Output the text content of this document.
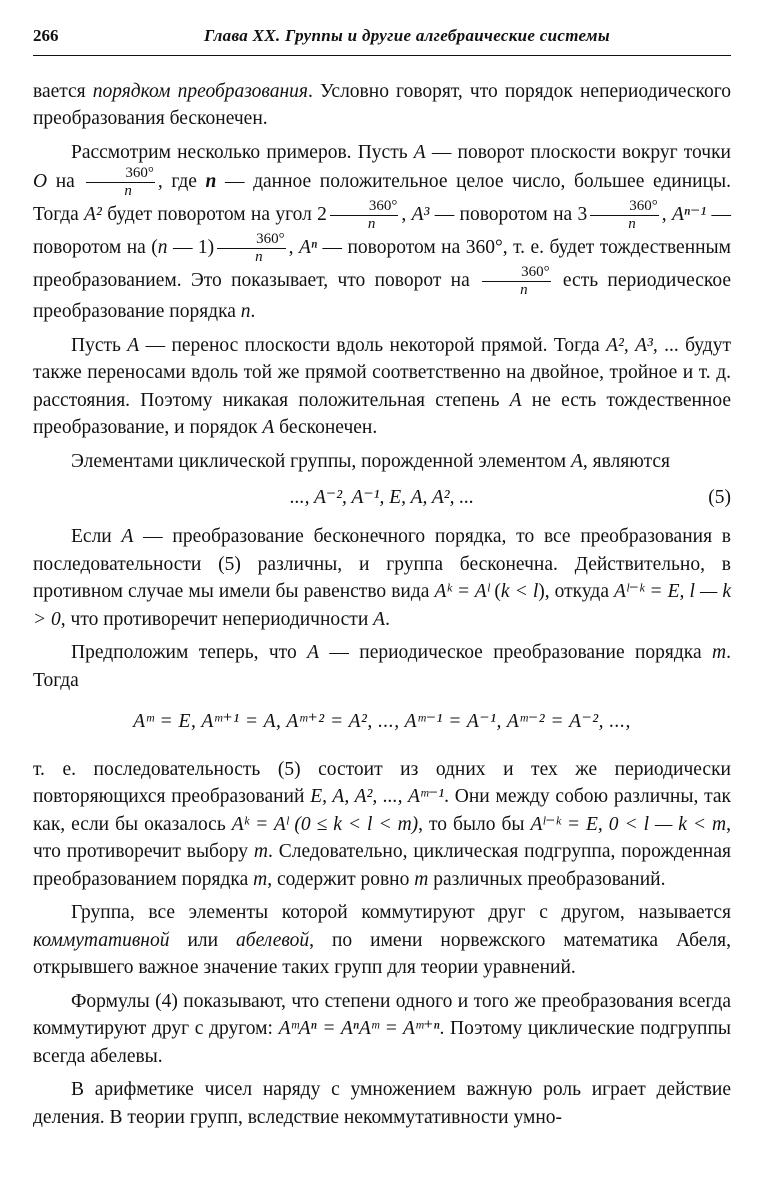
266	Глава XX. Группы и другие алгебраические системы

вается порядком преобразования. Условно говорят, что порядок непериодического преобразования бесконечен.

Рассмотрим несколько примеров. Пусть A — поворот плоскости вокруг точки O на $\frac{360^\circ}{n}$ , где n — данное положительное целое число, большее единицы. Тогда A² будет поворотом на угол $2 \frac{360^\circ}{n}$ , A³ — поворотом на $3 \frac{360^\circ}{n}$ , Aⁿ⁻¹ — поворотом на (n — $1) \frac{360^\circ}{n}$ , Aⁿ — поворотом на 360°, т. е. будет тождественным преобразованием. Это показывает, что поворот на $\frac{360^\circ}{n}$ есть периодическое преобразование порядка n.

Пусть A — перенос плоскости вдоль некоторой прямой. Тогда A², A³, ... будут также переносами вдоль той же прямой соответственно на двойное, тройное и т. д. расстояния. Поэтому никакая положительная степень A не есть тождественное преобразование, и порядок A бесконечен.

Элементами циклической группы, порожденной элементом A, являются

..., A⁻², A⁻¹, E, A, A², ...	(5)

Если A — преобразование бесконечного порядка, то все преобразования в последовательности (5) различны, и группа бесконечна. Действительно, в противном случае мы имели бы равенство вида Aᵏ = Aˡ (k < l), откуда Aˡ⁻ᵏ = E, l — k > 0, что противоречит непериодичности A.

Предположим теперь, что A — периодическое преобразование порядка m. Тогда

Aᵐ = E, Aᵐ⁺¹ = A, Aᵐ⁺² = A², ..., Aᵐ⁻¹ = A⁻¹, Aᵐ⁻² = A⁻², ...,

т. е. последовательность (5) состоит из одних и тех же периодически повторяющихся преобразований E, A, A², ..., Aᵐ⁻¹. Они между собою различны, так как, если бы оказалось Aᵏ = Aˡ (0 ≤ k < l < m), то было бы Aˡ⁻ᵏ = E, 0 < l — k < m, что противоречит выбору m. Следовательно, циклическая подгруппа, порожденная преобразованием порядка m, содержит ровно m различных преобразований.

Группа, все элементы которой коммутируют друг с другом, называется коммутативной или абелевой, по имени норвежского математика Абеля, открывшего важное значение таких групп для теории уравнений.

Формулы (4) показывают, что степени одного и того же преобразования всегда коммутируют друг с другом: AᵐAⁿ = AⁿAᵐ = Aᵐ⁺ⁿ. Поэтому циклические подгруппы всегда абелевы.

В арифметике чисел наряду с умножением важную роль играет действие деления. В теории групп, вследствие некоммутативности умно-
